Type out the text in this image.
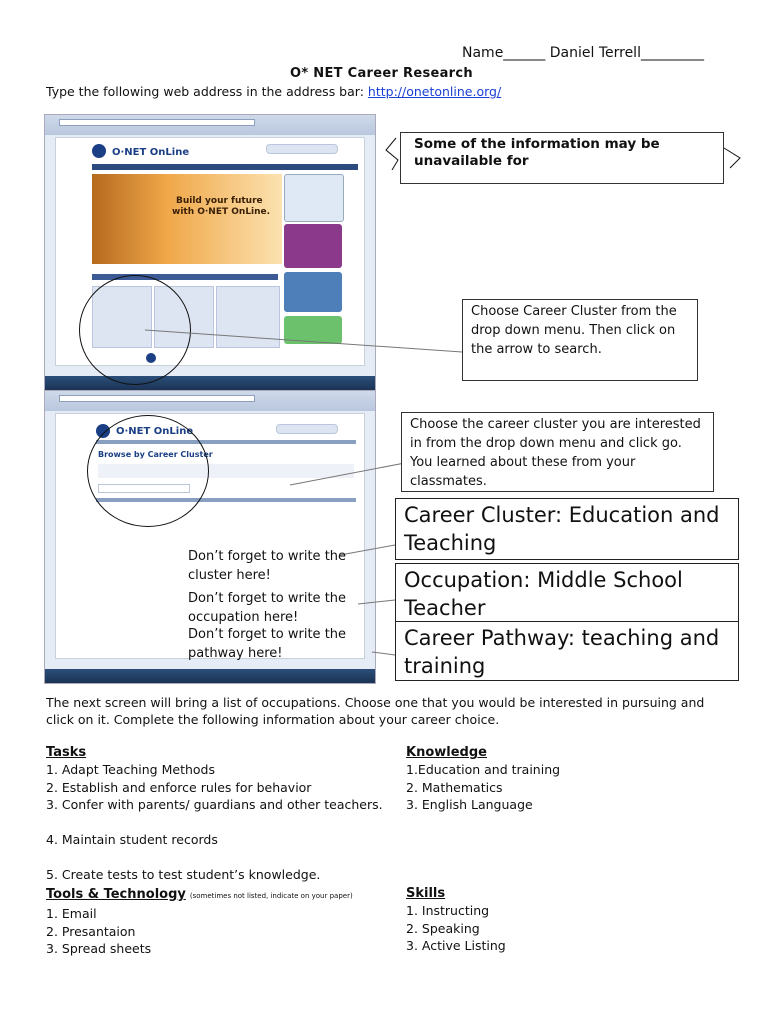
Name______ Daniel Terrell_________
O* NET Career Research
Type the following web address in the address bar: http://onetonline.org/
O·NET OnLine
Build your future
with O·NET OnLine.
O·NET OnLine
Browse by Career Cluster

Some of the information may be unavailable for

Choose Career Cluster from the drop down menu. Then click on the arrow to search.
Choose the career cluster you are interested in from the drop down menu and click go. You learned about these from your classmates.
Don’t forget to write the cluster here!
Don’t forget to write the occupation here!
Don’t forget to write the pathway here!
Career Cluster: Education and Teaching
Occupation: Middle School Teacher
Career Pathway: teaching and training
The next screen will bring a list of occupations. Choose one that you would be interested in pursuing and click on it. Complete the following information about your career choice.
Tasks
1. Adapt Teaching Methods
2. Establish and enforce rules for behavior
3. Confer with parents/ guardians and other teachers.
4. Maintain student records
5. Create tests to test student’s knowledge.
Knowledge
1.Education and training
2. Mathematics
3. English Language
Tools & Technology (sometimes not listed, indicate on your paper)
1. Email
2. Presantaion
3. Spread sheets
Skills
1. Instructing
2. Speaking
3. Active Listing
